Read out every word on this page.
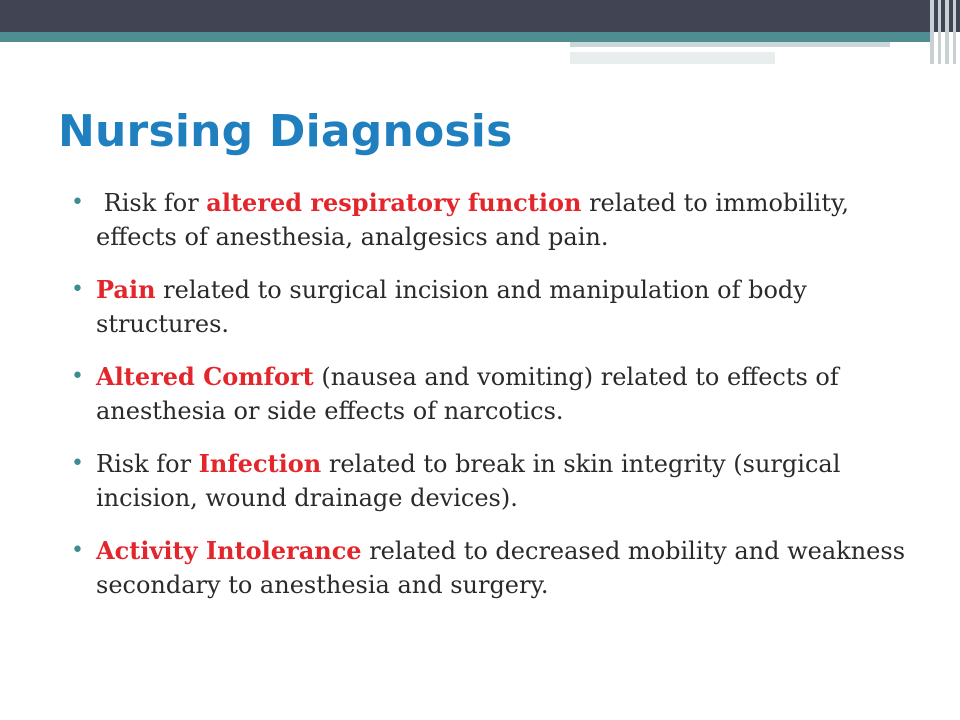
Nursing Diagnosis
• Risk for altered respiratory function related to immobility, effects of anesthesia, analgesics and pain.
• Pain related to surgical incision and manipulation of body structures.
• Altered Comfort (nausea and vomiting) related to effects of anesthesia or side effects of narcotics.
• Risk for Infection related to break in skin integrity (surgical incision, wound drainage devices).
• Activity Intolerance related to decreased mobility and weakness secondary to anesthesia and surgery.
